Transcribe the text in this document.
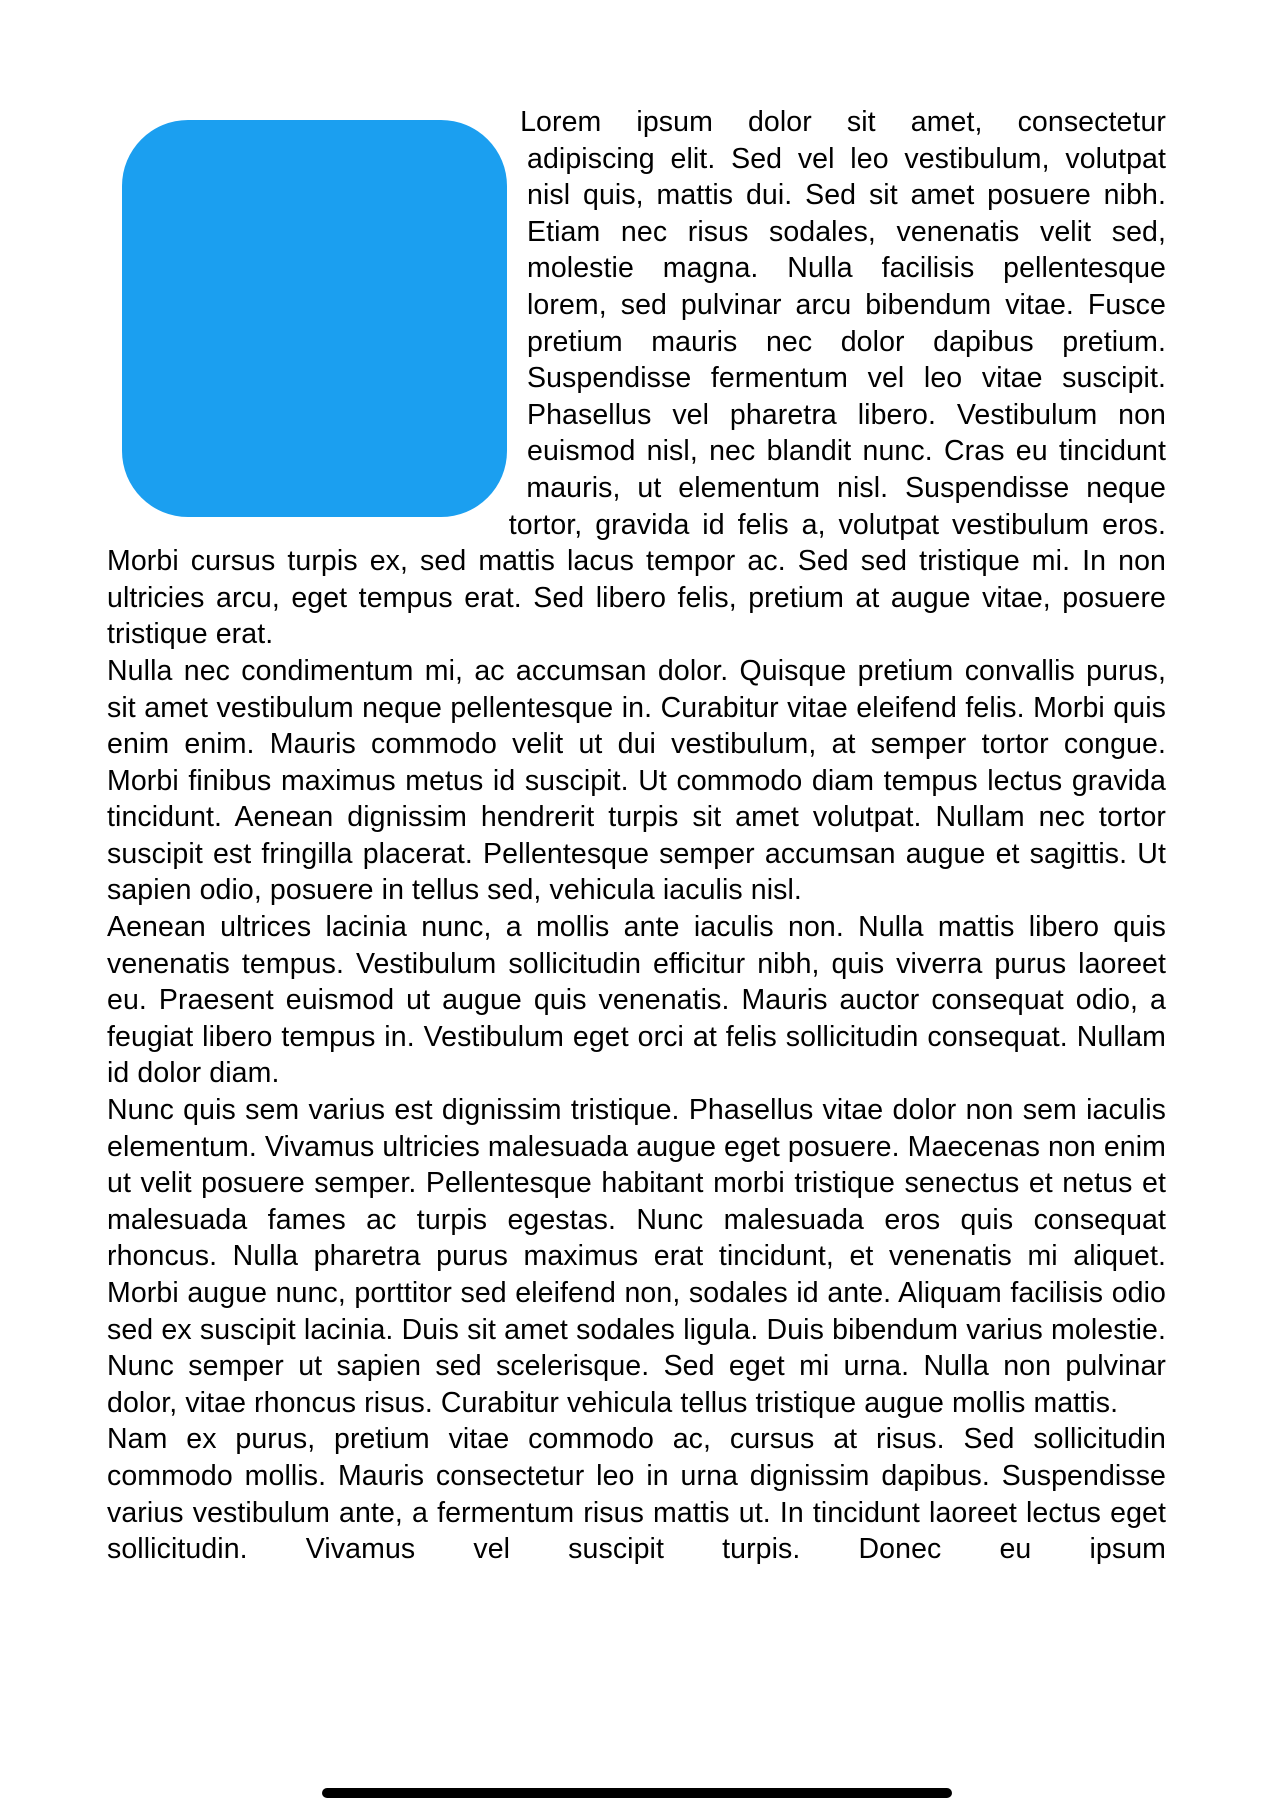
Lorem ipsum dolor sit amet, consectetur adipiscing elit. Sed vel leo vestibulum, volutpat nisl quis, mattis dui. Sed sit amet posuere nibh. Etiam nec risus sodales, venenatis velit sed, molestie magna. Nulla facilisis pellentesque lorem, sed pulvinar arcu bibendum vitae. Fusce pretium mauris nec dolor dapibus pretium. Suspendisse fermentum vel leo vitae suscipit. Phasellus vel pharetra libero. Vestibulum non euismod nisl, nec blandit nunc. Cras eu tincidunt mauris, ut elementum nisl. Suspendisse neque tortor, gravida id felis a, volutpat vestibulum eros. Morbi cursus turpis ex, sed mattis lacus tempor ac. Sed sed tristique mi. In non ultricies arcu, eget tempus erat. Sed libero felis, pretium at augue vitae, posuere tristique erat.

Nulla nec condimentum mi, ac accumsan dolor. Quisque pretium convallis purus, sit amet vestibulum neque pellentesque in. Curabitur vitae eleifend felis. Morbi quis enim enim. Mauris commodo velit ut dui vestibulum, at semper tortor congue. Morbi finibus maximus metus id suscipit. Ut commodo diam tempus lectus gravida tincidunt. Aenean dignissim hendrerit turpis sit amet volutpat. Nullam nec tortor suscipit est fringilla placerat. Pellentesque semper accumsan augue et sagittis. Ut sapien odio, posuere in tellus sed, vehicula iaculis nisl.

Aenean ultrices lacinia nunc, a mollis ante iaculis non. Nulla mattis libero quis venenatis tempus. Vestibulum sollicitudin efficitur nibh, quis viverra purus laoreet eu. Praesent euismod ut augue quis venenatis. Mauris auctor consequat odio, a feugiat libero tempus in. Vestibulum eget orci at felis sollicitudin consequat. Nullam id dolor diam.

Nunc quis sem varius est dignissim tristique. Phasellus vitae dolor non sem iaculis elementum. Vivamus ultricies malesuada augue eget posuere. Maecenas non enim ut velit posuere semper. Pellentesque habitant morbi tristique senectus et netus et malesuada fames ac turpis egestas. Nunc malesuada eros quis consequat rhoncus. Nulla pharetra purus maximus erat tincidunt, et venenatis mi aliquet. Morbi augue nunc, porttitor sed eleifend non, sodales id ante. Aliquam facilisis odio sed ex suscipit lacinia. Duis sit amet sodales ligula. Duis bibendum varius molestie. Nunc semper ut sapien sed scelerisque. Sed eget mi urna. Nulla non pulvinar dolor, vitae rhoncus risus. Curabitur vehicula tellus tristique augue mollis mattis.

Nam ex purus, pretium vitae commodo ac, cursus at risus. Sed sollicitudin commodo mollis. Mauris consectetur leo in urna dignissim dapibus. Suspendisse varius vestibulum ante, a fermentum risus mattis ut. In tincidunt laoreet lectus eget sollicitudin. Vivamus vel suscipit turpis. Donec eu ipsum
